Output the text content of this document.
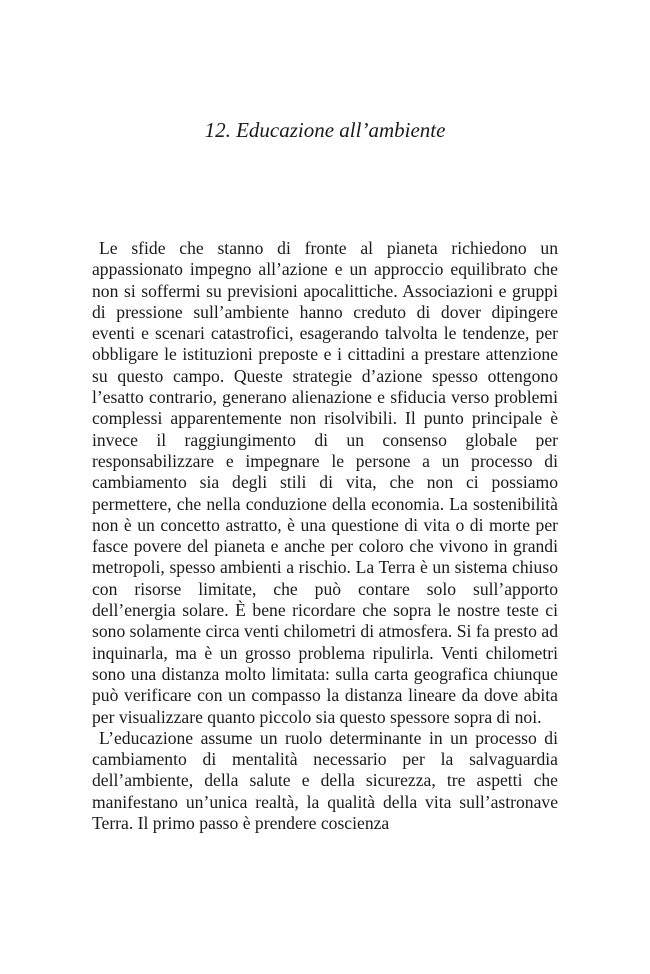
12. Educazione all’ambiente

Le sfide che stanno di fronte al pianeta richiedono un appassionato impegno all’azione e un approccio equilibrato che non si soffermi su previsioni apocalittiche. Associazioni e gruppi di pressione sull’ambiente hanno creduto di dover dipingere eventi e scenari catastrofici, esagerando talvolta le tendenze, per obbligare le istituzioni preposte e i cittadini a prestare attenzione su questo campo. Queste strategie d’azione spesso ottengono l’esatto contrario, generano alienazione e sfiducia verso problemi complessi apparentemente non risolvibili. Il punto principale è invece il raggiungimento di un consenso globale per responsabilizzare e impegnare le persone a un processo di cambiamento sia degli stili di vita, che non ci possiamo permettere, che nella conduzione della economia. La sostenibilità non è un concetto astratto, è una questione di vita o di morte per fasce povere del pianeta e anche per coloro che vivono in grandi metropoli, spesso ambienti a rischio. La Terra è un sistema chiuso con risorse limitate, che può contare solo sull’apporto dell’energia solare. È bene ricordare che sopra le nostre teste ci sono solamente circa venti chilometri di atmosfera. Si fa presto ad inquinarla, ma è un grosso problema ripulirla. Venti chilometri sono una distanza molto limitata: sulla carta geografica chiunque può verificare con un compasso la distanza lineare da dove abita per visualizzare quanto piccolo sia questo spessore sopra di noi.

L’educazione assume un ruolo determinante in un processo di cambiamento di mentalità necessario per la salvaguardia dell’ambiente, della salute e della sicurezza, tre aspetti che manifestano un’unica realtà, la qualità della vita sull’astronave Terra. Il primo passo è prendere coscienza
